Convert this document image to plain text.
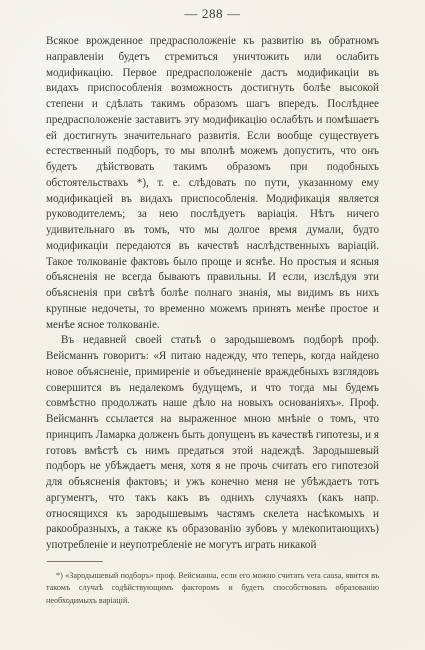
— 288 —

Всякое врожденное предрасположеніе къ развитію въ обратномъ направленіи будетъ стремиться уничтожить или ослабить модификацію. Первое предрасположеніе дастъ модификаціи въ видахъ приспособленія возможность достигнуть болѣе высокой степени и сдѣлать такимъ образомъ шагъ впередъ. Послѣднее предрасположеніе заставитъ эту модификацію ослабѣть и помѣшаетъ ей достигнуть значительнаго развитія. Если вообще существуетъ естественный подборъ, то мы вполнѣ можемъ допустить, что онъ будетъ дѣйствовать такимъ образомъ при подобныхъ обстоятельствахъ *), т. е. слѣдовать по пути, указанному ему модификаціей въ видахъ приспособленія. Модификація является руководителемъ; за нею послѣдуетъ варіація. Нѣтъ ничего удивительнаго въ томъ, что мы долгое время думали, будто модификаціи передаются въ качествѣ наслѣдственныхъ варіацій. Такое толкованіе фактовъ было проще и яснѣе. Но простыя и ясныя объясненія не всегда бываютъ правильны. И если, изслѣдуя эти объясненія при свѣтѣ болѣе полнаго знанія, мы видимъ въ нихъ крупные недочеты, то временно можемъ принять менѣе простое и менѣе ясное толкованіе.

Въ недавней своей статьѣ о зародышевомъ подборѣ проф. Вейсманнъ говоритъ: «Я питаю надежду, что теперь, когда найдено новое объясненіе, примиреніе и объединеніе враждебныхъ взглядовъ совершится въ недалекомъ будущемъ, и что тогда мы будемъ совмѣстно продолжать наше дѣло на новыхъ основаніяхъ». Проф. Вейсманнъ ссылается на выраженное мною мнѣніе о томъ, что принципъ Ламарка долженъ быть допущенъ въ качествѣ гипотезы, и я готовъ вмѣстѣ съ нимъ предаться этой надеждѣ. Зародышевый подборъ не убѣждаетъ меня, хотя я не прочь считать его гипотезой для объясненія фактовъ; и ужъ конечно меня не убѣждаетъ тотъ аргументъ, что такъ какъ въ однихъ случаяхъ (какъ напр. относящихся къ зародышевымъ частямъ скелета насѣкомыхъ и ракообразныхъ, а также къ образованію зубовъ у млекопитающихъ) употребленіе и неупотребленіе не могутъ играть никакой

*) «Зародышевый подборъ» проф. Вейсманна, если его можно считать vera causa, явится въ такомъ случаѣ содѣйствующимъ факторомъ и будетъ способствовать образованію необходимыхъ варіацій.
